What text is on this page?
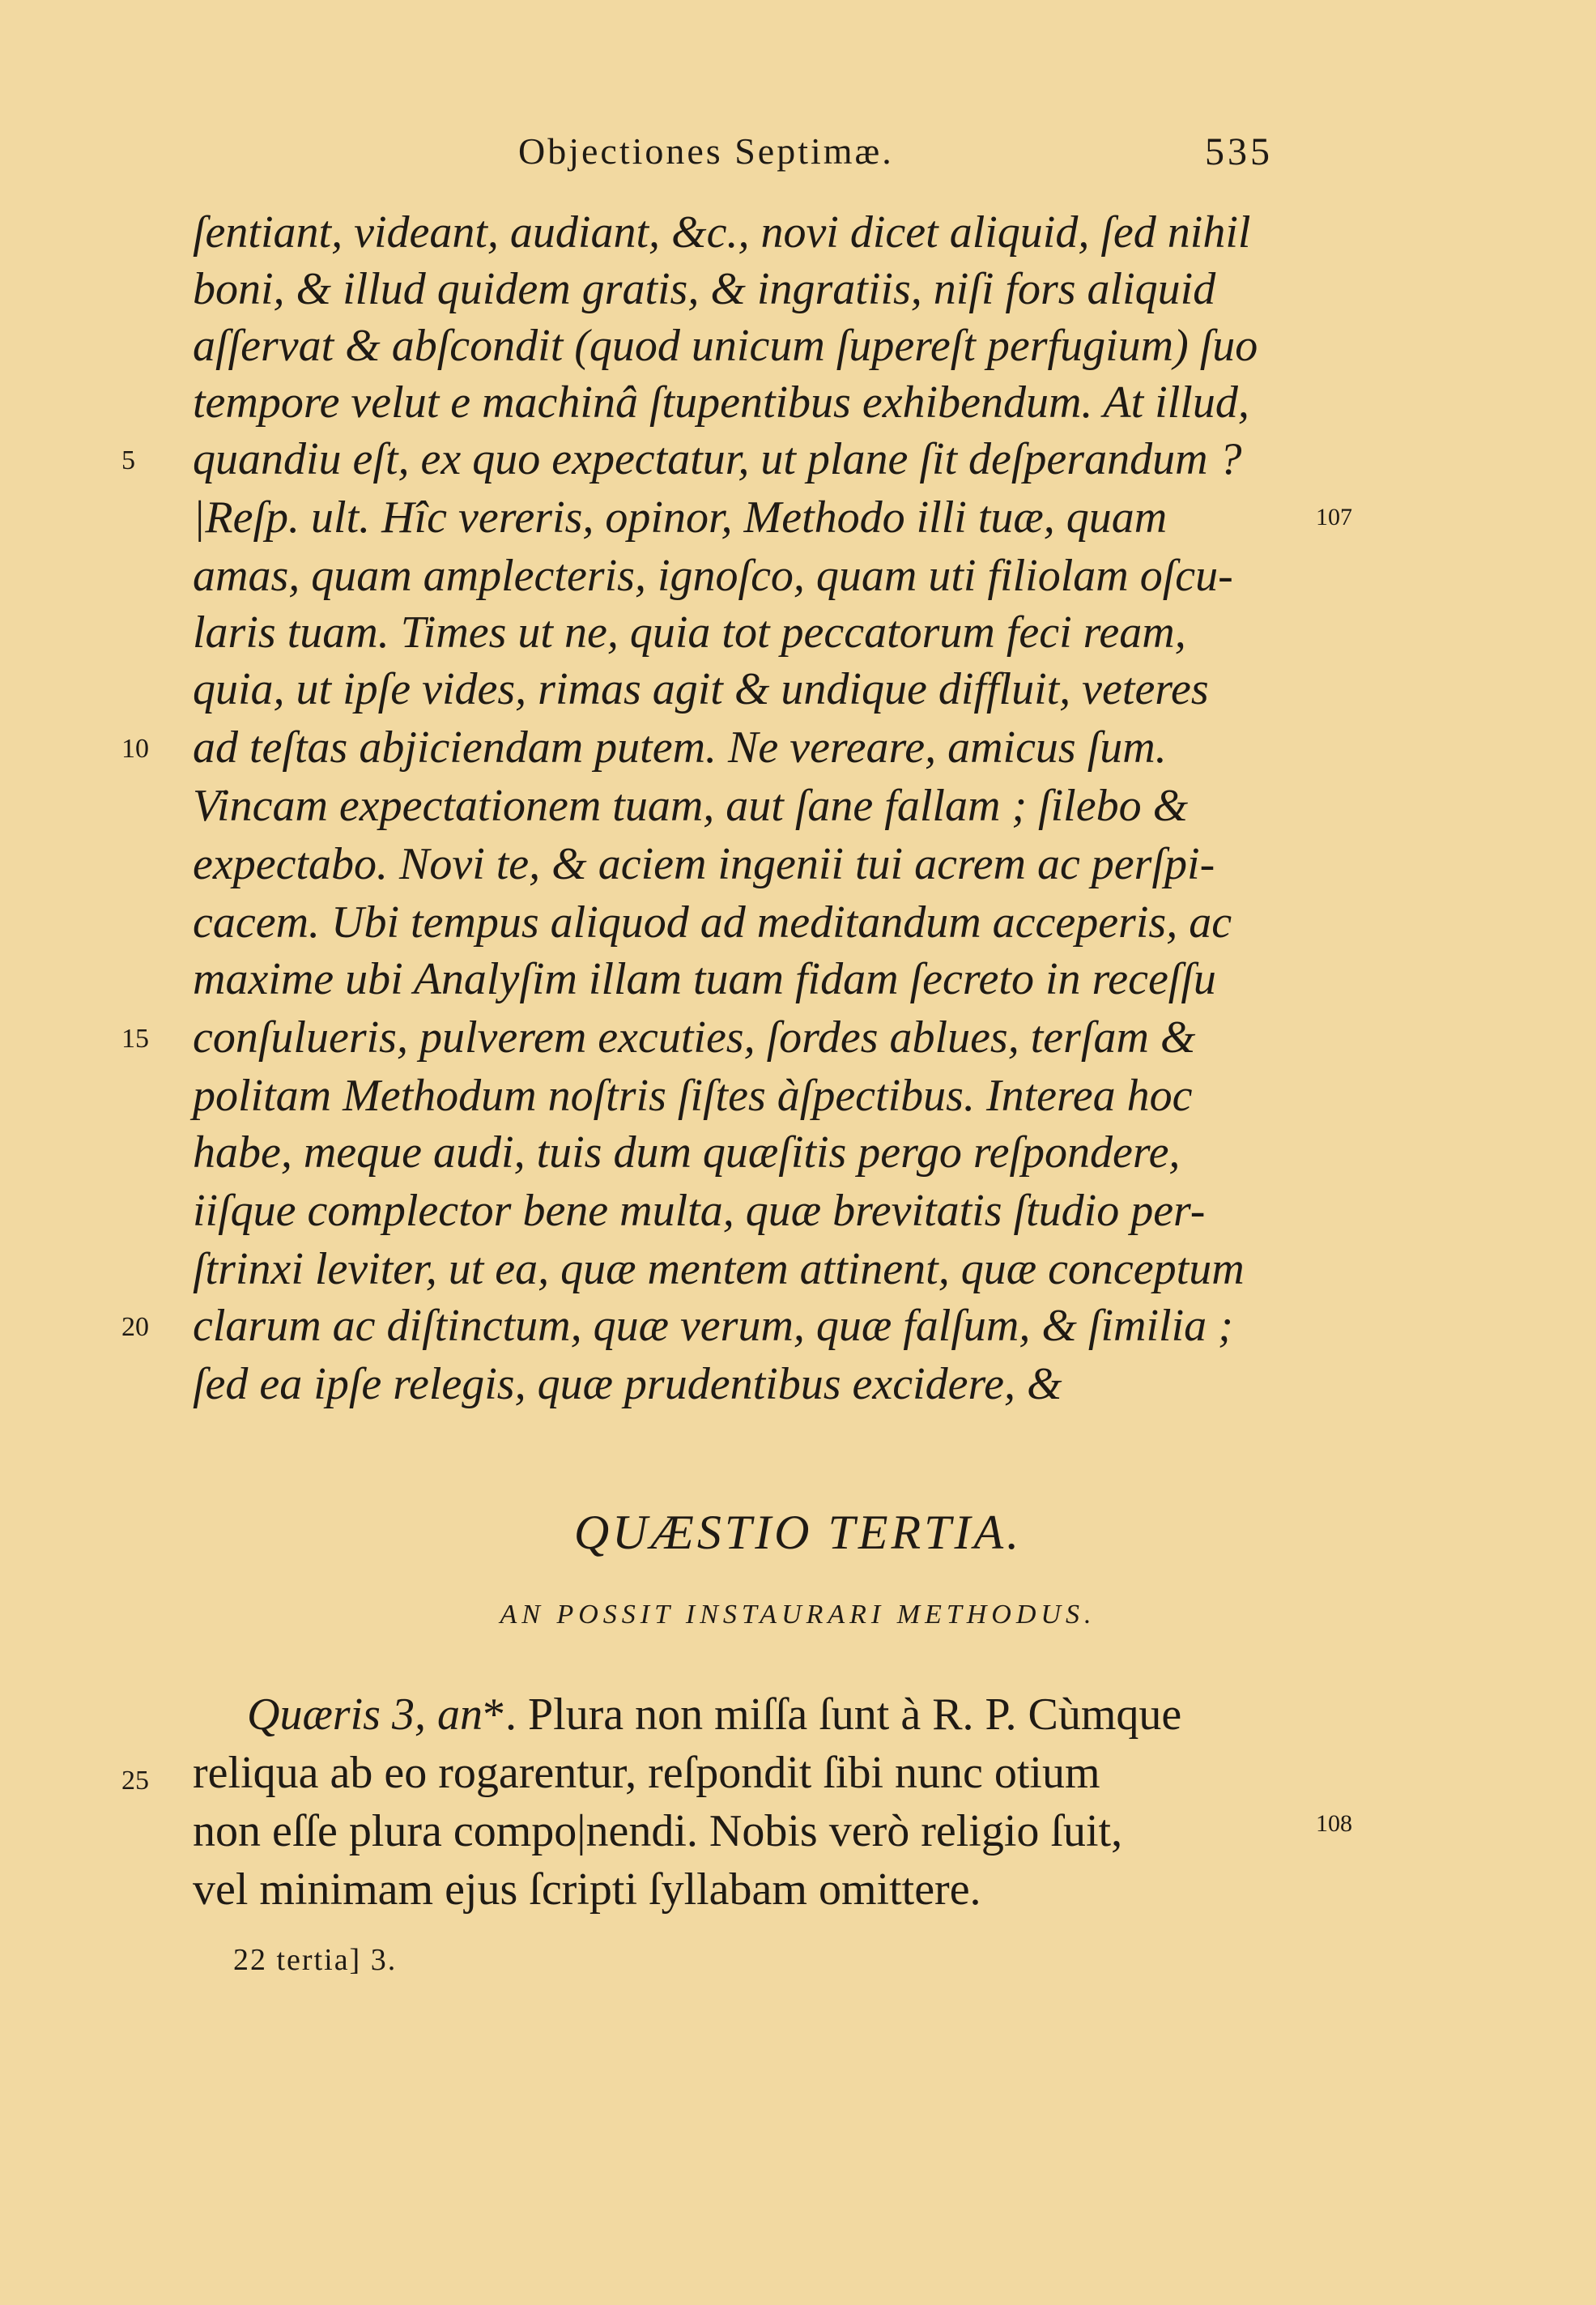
Objectiones Septimæ.	535
ſentiant, videant, audiant, &c., novi dicet aliquid, ſed nihil
boni, & illud quidem gratis, & ingratiis, niſi fors aliquid
aſſervat & abſcondit (quod unicum ſupereſt perfugium) ſuo
tempore velut e machinâ ſtupentibus exhibendum. At illud,
quandiu eſt, ex quo expectatur, ut plane ſit deſperandum ?
|Reſp. ult. Hîc vereris, opinor, Methodo illi tuæ, quam
amas, quam amplecteris, ignoſco, quam uti filiolam oſcu-
laris tuam. Times ut ne, quia tot peccatorum feci ream,
quia, ut ipſe vides, rimas agit & undique diffluit, veteres
ad teſtas abjiciendam putem. Ne vereare, amicus ſum.
Vincam expectationem tuam, aut ſane fallam ; ſilebo &
expectabo. Novi te, & aciem ingenii tui acrem ac perſpi-
cacem. Ubi tempus aliquod ad meditandum acceperis, ac
maxime ubi Analyſim illam tuam fidam ſecreto in receſſu
conſulueris, pulverem excuties, ſordes ablues, terſam &
politam Methodum noſtris ſiſtes àſpectibus. Interea hoc
habe, meque audi, tuis dum quæſitis pergo reſpondere,
iiſque complector bene multa, quæ brevitatis ſtudio per-
ſtrinxi leviter, ut ea, quæ mentem attinent, quæ conceptum
clarum ac diſtinctum, quæ verum, quæ falſum, & ſimilia ;
ſed ea ipſe relegis, quæ prudentibus excidere, &
5
10
15
20
25
107
108
QUÆSTIO TERTIA.
AN POSSIT INSTAURARI METHODUS.
Quæris 3, an*. Plura non miſſa ſunt à R. P. Cùmque
reliqua ab eo rogarentur, reſpondit ſibi nunc otium
non eſſe plura compo|nendi. Nobis verò religio ſuit,
vel minimam ejus ſcripti ſyllabam omittere.
22 tertia] 3.
